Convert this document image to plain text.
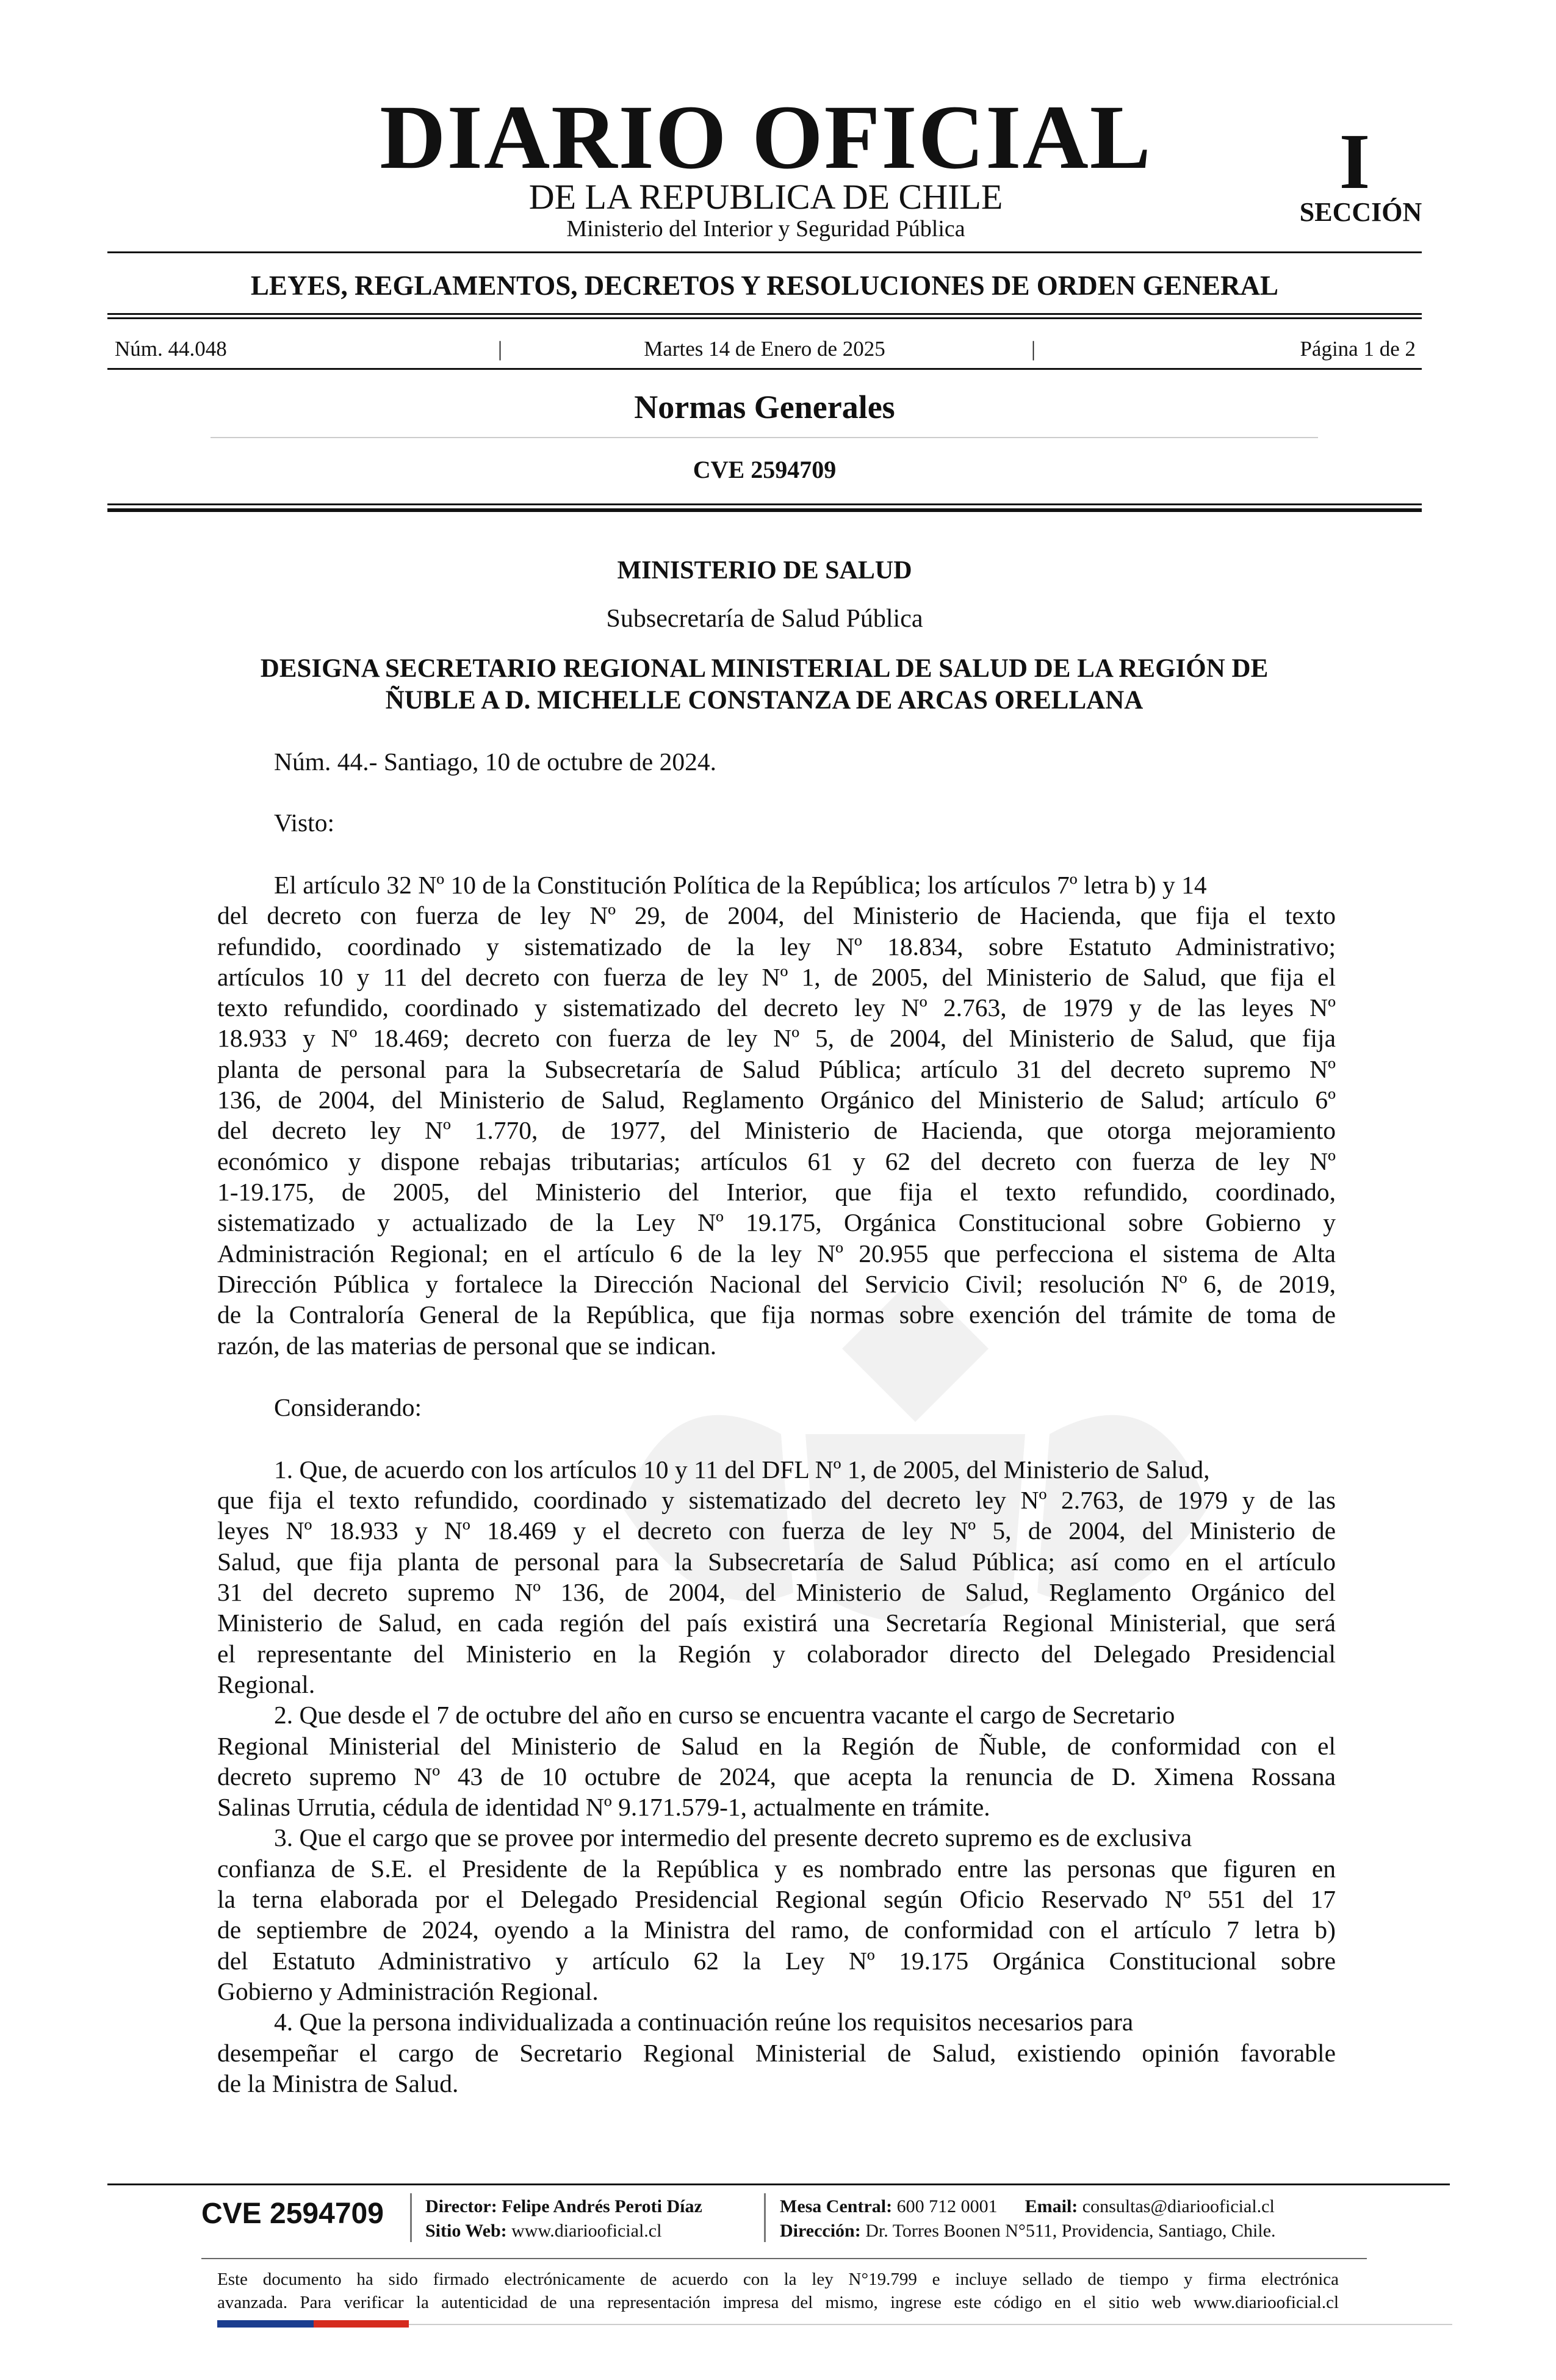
DIARIO OFICIAL
DE LA REPUBLICA DE CHILE
Ministerio del Interior y Seguridad Pública
I
SECCIÓN
LEYES, REGLAMENTOS, DECRETOS Y RESOLUCIONES DE ORDEN GENERAL
Núm. 44.048	|	Martes 14 de Enero de 2025	|	Página 1 de 2
Normas Generales
CVE 2594709
MINISTERIO DE SALUD
Subsecretaría de Salud Pública
DESIGNA SECRETARIO REGIONAL MINISTERIAL DE SALUD DE LA REGIÓN DE
ÑUBLE A D. MICHELLE CONSTANZA DE ARCAS ORELLANA
Núm. 44.- Santiago, 10 de octubre de 2024.
Visto:
El artículo 32 Nº 10 de la Constitución Política de la República; los artículos 7º letra b) y 14
del decreto con fuerza de ley Nº 29, de 2004, del Ministerio de Hacienda, que fija el texto
refundido, coordinado y sistematizado de la ley Nº 18.834, sobre Estatuto Administrativo;
artículos 10 y 11 del decreto con fuerza de ley Nº 1, de 2005, del Ministerio de Salud, que fija el
texto refundido, coordinado y sistematizado del decreto ley Nº 2.763, de 1979 y de las leyes Nº
18.933 y Nº 18.469; decreto con fuerza de ley Nº 5, de 2004, del Ministerio de Salud, que fija
planta de personal para la Subsecretaría de Salud Pública; artículo 31 del decreto supremo Nº
136, de 2004, del Ministerio de Salud, Reglamento Orgánico del Ministerio de Salud; artículo 6º
del decreto ley Nº 1.770, de 1977, del Ministerio de Hacienda, que otorga mejoramiento
económico y dispone rebajas tributarias; artículos 61 y 62 del decreto con fuerza de ley Nº
1-19.175, de 2005, del Ministerio del Interior, que fija el texto refundido, coordinado,
sistematizado y actualizado de la Ley Nº 19.175, Orgánica Constitucional sobre Gobierno y
Administración Regional; en el artículo 6 de la ley Nº 20.955 que perfecciona el sistema de Alta
Dirección Pública y fortalece la Dirección Nacional del Servicio Civil; resolución Nº 6, de 2019,
de la Contraloría General de la República, que fija normas sobre exención del trámite de toma de
razón, de las materias de personal que se indican.
Considerando:
1. Que, de acuerdo con los artículos 10 y 11 del DFL Nº 1, de 2005, del Ministerio de Salud,
que fija el texto refundido, coordinado y sistematizado del decreto ley Nº 2.763, de 1979 y de las
leyes Nº 18.933 y Nº 18.469 y el decreto con fuerza de ley Nº 5, de 2004, del Ministerio de
Salud, que fija planta de personal para la Subsecretaría de Salud Pública; así como en el artículo
31 del decreto supremo Nº 136, de 2004, del Ministerio de Salud, Reglamento Orgánico del
Ministerio de Salud, en cada región del país existirá una Secretaría Regional Ministerial, que será
el representante del Ministerio en la Región y colaborador directo del Delegado Presidencial
Regional.
2. Que desde el 7 de octubre del año en curso se encuentra vacante el cargo de Secretario
Regional Ministerial del Ministerio de Salud en la Región de Ñuble, de conformidad con el
decreto supremo Nº 43 de 10 octubre de 2024, que acepta la renuncia de D. Ximena Rossana
Salinas Urrutia, cédula de identidad Nº 9.171.579-1, actualmente en trámite.
3. Que el cargo que se provee por intermedio del presente decreto supremo es de exclusiva
confianza de S.E. el Presidente de la República y es nombrado entre las personas que figuren en
la terna elaborada por el Delegado Presidencial Regional según Oficio Reservado Nº 551 del 17
de septiembre de 2024, oyendo a la Ministra del ramo, de conformidad con el artículo 7 letra b)
del Estatuto Administrativo y artículo 62 la Ley Nº 19.175 Orgánica Constitucional sobre
Gobierno y Administración Regional.
4. Que la persona individualizada a continuación reúne los requisitos necesarios para
desempeñar el cargo de Secretario Regional Ministerial de Salud, existiendo opinión favorable
de la Ministra de Salud.
CVE 2594709 Director: Felipe Andrés Peroti Díaz
Sitio Web: www.diariooficial.cl
Mesa Central: 600 712 0001 Email: consultas@diariooficial.cl
Dirección: Dr. Torres Boonen N°511, Providencia, Santiago, Chile.
Este documento ha sido firmado electrónicamente de acuerdo con la ley N°19.799 e incluye sellado de tiempo y firma electrónica
avanzada. Para verificar la autenticidad de una representación impresa del mismo, ingrese este código en el sitio web www.diariooficial.cl
